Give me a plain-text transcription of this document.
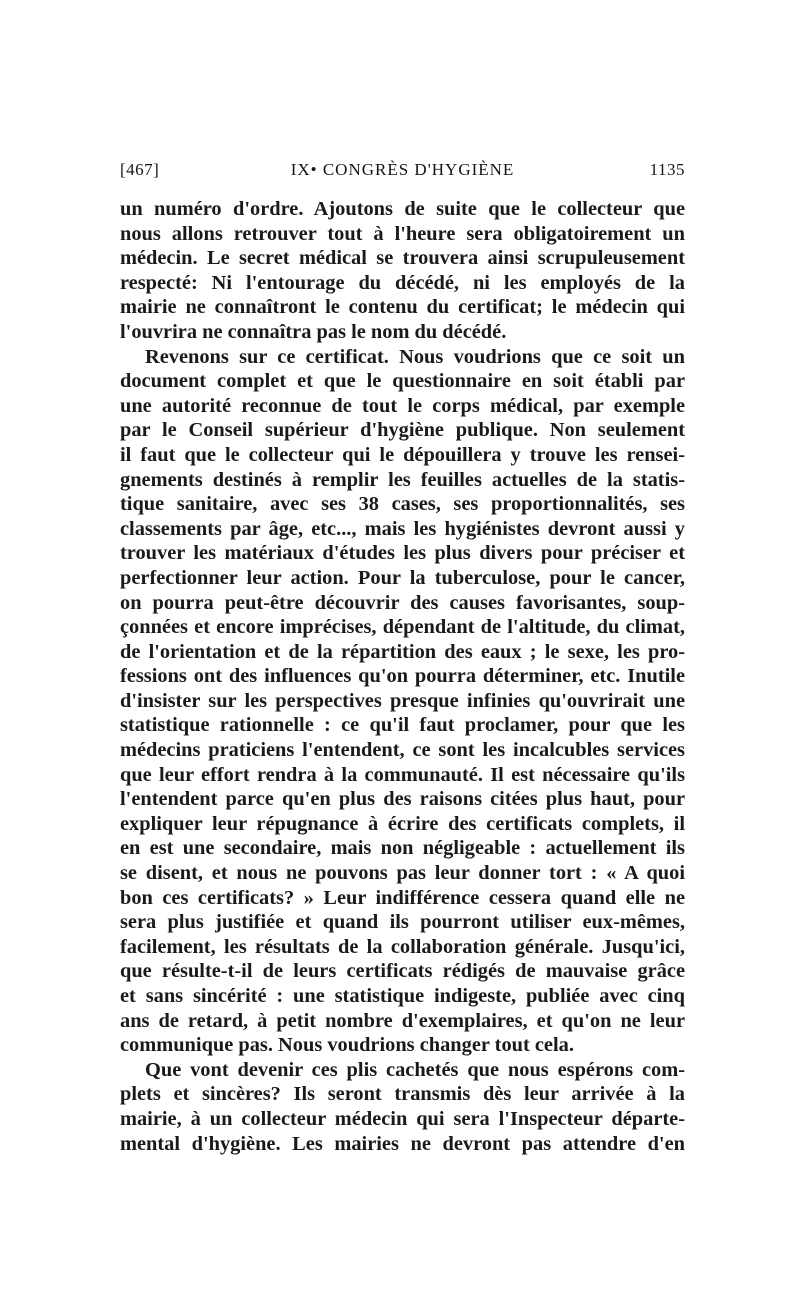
[467]	IX• CONGRÈS D'HYGIÈNE	1135
un numéro d'ordre. Ajoutons de suite que le collecteur que
nous allons retrouver tout à l'heure sera obligatoirement un
médecin. Le secret médical se trouvera ainsi scrupuleusement
respecté: Ni l'entourage du décédé, ni les employés de la
mairie ne connaîtront le contenu du certificat; le médecin qui
l'ouvrira ne connaîtra pas le nom du décédé.
Revenons sur ce certificat. Nous voudrions que ce soit un
document complet et que le questionnaire en soit établi par
une autorité reconnue de tout le corps médical, par exemple
par le Conseil supérieur d'hygiène publique. Non seulement
il faut que le collecteur qui le dépouillera y trouve les rensei-
gnements destinés à remplir les feuilles actuelles de la statis-
tique sanitaire, avec ses 38 cases, ses proportionnalités, ses
classements par âge, etc..., mais les hygiénistes devront aussi y
trouver les matériaux d'études les plus divers pour préciser et
perfectionner leur action. Pour la tuberculose, pour le cancer,
on pourra peut-être découvrir des causes favorisantes, soup-
çonnées et encore imprécises, dépendant de l'altitude, du climat,
de l'orientation et de la répartition des eaux ; le sexe, les pro-
fessions ont des influences qu'on pourra déterminer, etc. Inutile
d'insister sur les perspectives presque infinies qu'ouvrirait une
statistique rationnelle : ce qu'il faut proclamer, pour que les
médecins praticiens l'entendent, ce sont les incalcubles services
que leur effort rendra à la communauté. Il est nécessaire qu'ils
l'entendent parce qu'en plus des raisons citées plus haut, pour
expliquer leur répugnance à écrire des certificats complets, il
en est une secondaire, mais non négligeable : actuellement ils
se disent, et nous ne pouvons pas leur donner tort : « A quoi
bon ces certificats? » Leur indifférence cessera quand elle ne
sera plus justifiée et quand ils pourront utiliser eux-mêmes,
facilement, les résultats de la collaboration générale. Jusqu'ici,
que résulte-t-il de leurs certificats rédigés de mauvaise grâce
et sans sincérité : une statistique indigeste, publiée avec cinq
ans de retard, à petit nombre d'exemplaires, et qu'on ne leur
communique pas. Nous voudrions changer tout cela.
Que vont devenir ces plis cachetés que nous espérons com-
plets et sincères? Ils seront transmis dès leur arrivée à la
mairie, à un collecteur médecin qui sera l'Inspecteur départe-
mental d'hygiène. Les mairies ne devront pas attendre d'en
